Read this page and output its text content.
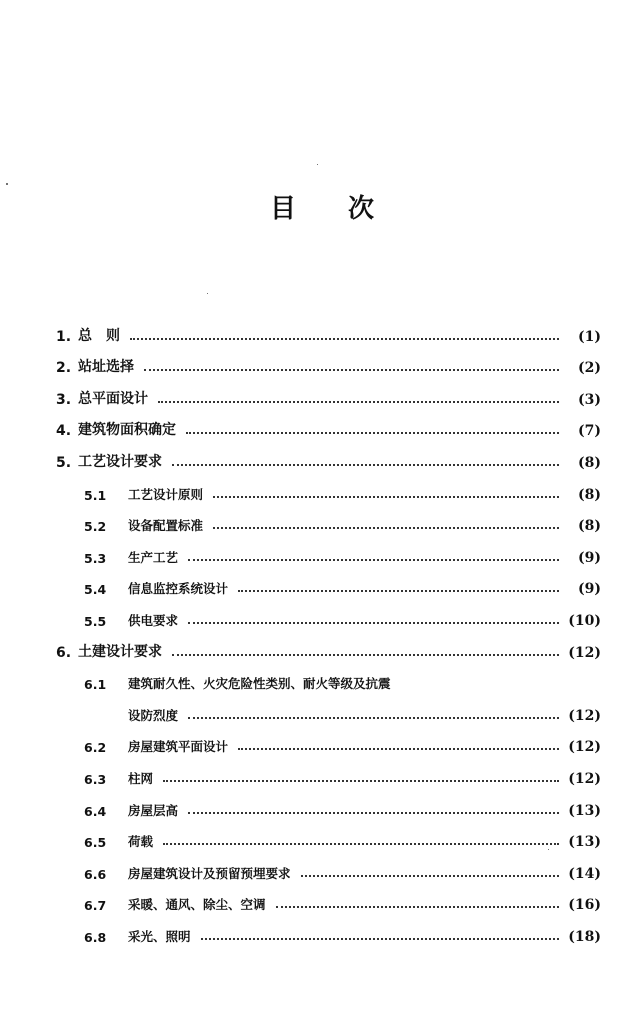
目 次
1. 总　则	(1)
2. 站址选择	(2)
3. 总平面设计	(3)
4. 建筑物面积确定	(7)
5. 工艺设计要求	(8)
5.1	工艺设计原则	(8)
5.2	设备配置标准	(8)
5.3	生产工艺	(9)
5.4	信息监控系统设计	(9)
5.5	供电要求	(10)
6. 土建设计要求	(12)
6.1	建筑耐久性、火灾危险性类别、耐火等级及抗震
设防烈度	(12)
6.2	房屋建筑平面设计	(12)
6.3	柱网	(12)
6.4	房屋层高	(13)
6.5	荷载	(13)
6.6	房屋建筑设计及预留预埋要求	(14)
6.7	采暖、通风、除尘、空调	(16)
6.8	采光、照明	(18)
